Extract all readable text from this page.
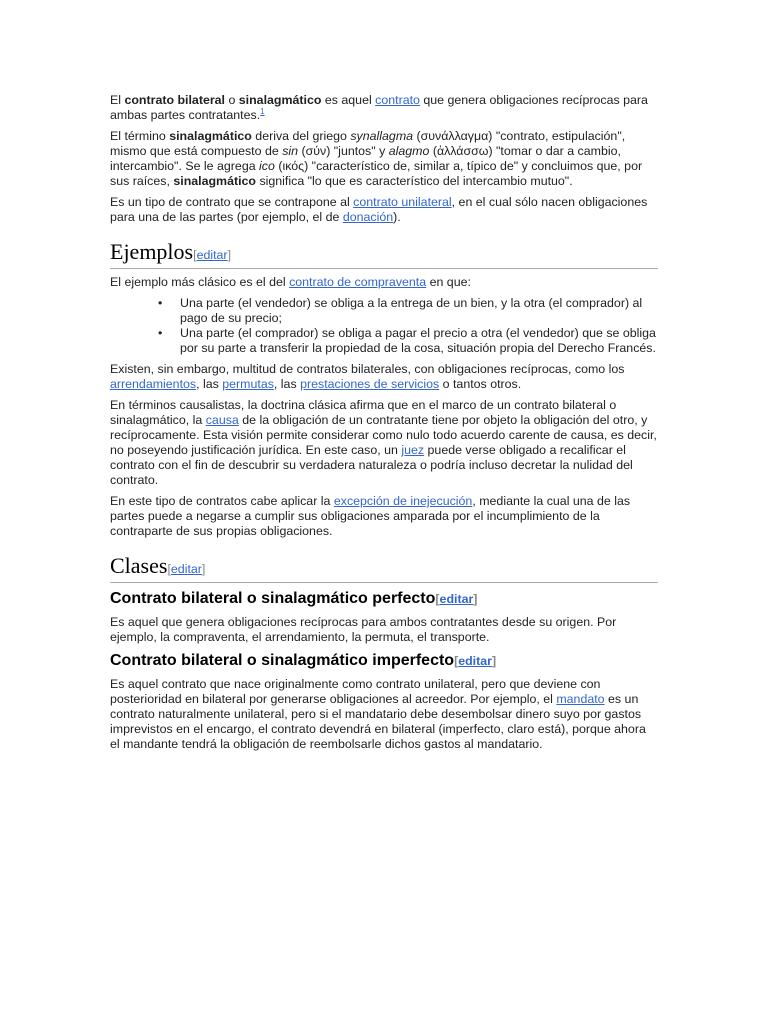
El contrato bilateral o sinalagmático es aquel contrato que genera obligaciones recíprocas para ambas partes contratantes.$^1$

El término sinalagmático deriva del griego synallagma (συνάλλαγμα) "contrato, estipulación", mismo que está compuesto de sin (σύν) "juntos" y alagmo (ἀλλάσσω) "tomar o dar a cambio, intercambio". Se le agrega ico (ικός) "característico de, similar a, típico de" y concluimos que, por sus raíces, sinalagmático significa "lo que es característico del intercambio mutuo".

Es un tipo de contrato que se contrapone al contrato unilateral, en el cual sólo nacen obligaciones para una de las partes (por ejemplo, el de donación).

Ejemplos[editar]

El ejemplo más clásico es el del contrato de compraventa en que:

• Una parte (el vendedor) se obliga a la entrega de un bien, y la otra (el comprador) al pago de su precio;
• Una parte (el comprador) se obliga a pagar el precio a otra (el vendedor) que se obliga por su parte a transferir la propiedad de la cosa, situación propia del Derecho Francés.

Existen, sin embargo, multitud de contratos bilaterales, con obligaciones recíprocas, como los arrendamientos, las permutas, las prestaciones de servicios o tantos otros.

En términos causalistas, la doctrina clásica afirma que en el marco de un contrato bilateral o sinalagmático, la causa de la obligación de un contratante tiene por objeto la obligación del otro, y recíprocamente. Esta visión permite considerar como nulo todo acuerdo carente de causa, es decir, no poseyendo justificación jurídica. En este caso, un juez puede verse obligado a recalificar el contrato con el fin de descubrir su verdadera naturaleza o podría incluso decretar la nulidad del contrato.

En este tipo de contratos cabe aplicar la excepción de inejecución, mediante la cual una de las partes puede a negarse a cumplir sus obligaciones amparada por el incumplimiento de la contraparte de sus propias obligaciones.

Clases[editar]
Contrato bilateral o sinalagmático perfecto[editar]

Es aquel que genera obligaciones recíprocas para ambos contratantes desde su origen. Por ejemplo, la compraventa, el arrendamiento, la permuta, el transporte.

Contrato bilateral o sinalagmático imperfecto[editar]

Es aquel contrato que nace originalmente como contrato unilateral, pero que deviene con posterioridad en bilateral por generarse obligaciones al acreedor. Por ejemplo, el mandato es un contrato naturalmente unilateral, pero si el mandatario debe desembolsar dinero suyo por gastos imprevistos en el encargo, el contrato devendrá en bilateral (imperfecto, claro está), porque ahora el mandante tendrá la obligación de reembolsarle dichos gastos al mandatario.
